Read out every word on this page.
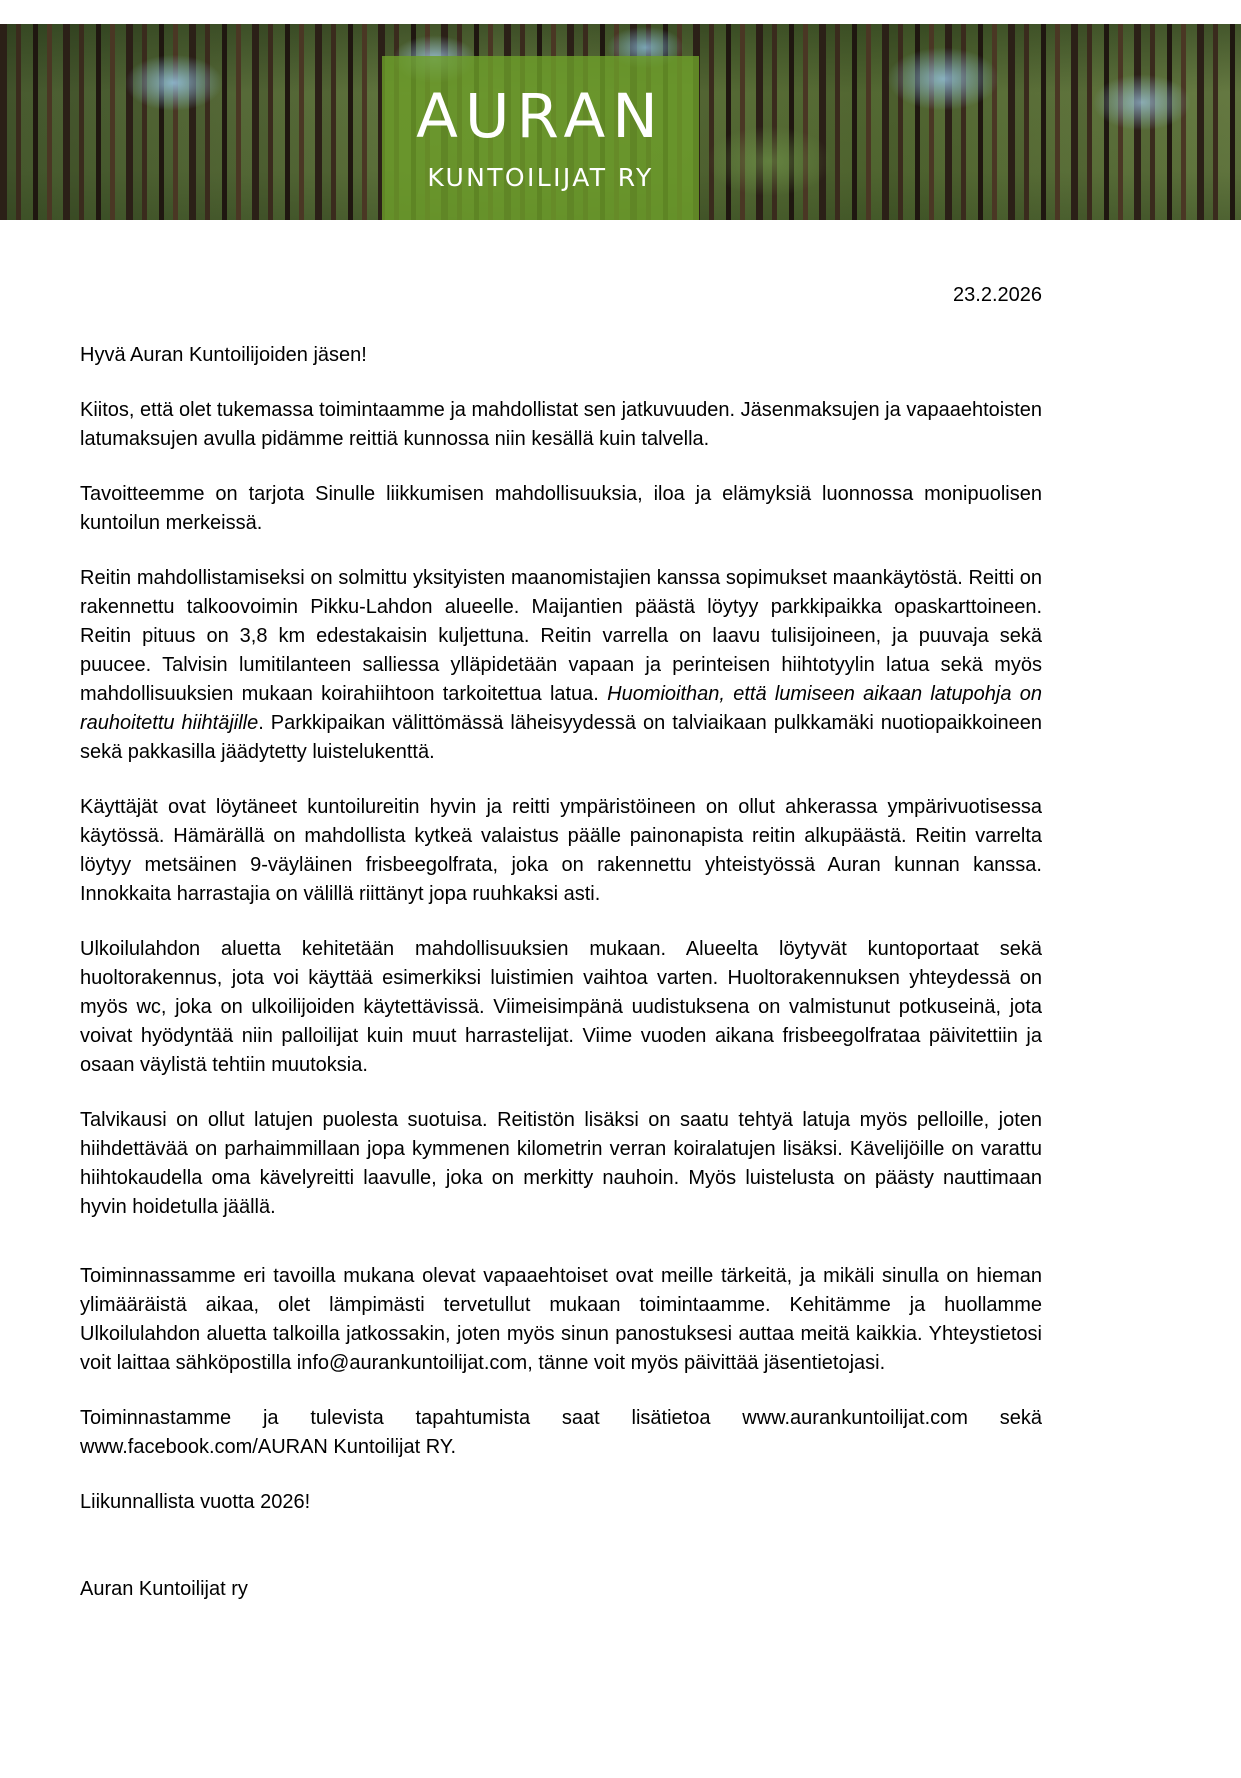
AURAN
KUNTOILIJAT RY
23.2.2026
Hyvä Auran Kuntoilijoiden jäsen!

Kiitos, että olet tukemassa toimintaamme ja mahdollistat sen jatkuvuuden. Jäsenmaksujen ja vapaaehtoisten latumaksujen avulla pidämme reittiä kunnossa niin kesällä kuin talvella.

Tavoitteemme on tarjota Sinulle liikkumisen mahdollisuuksia, iloa ja elämyksiä luonnossa monipuolisen kuntoilun merkeissä.

Reitin mahdollistamiseksi on solmittu yksityisten maanomistajien kanssa sopimukset maankäytöstä. Reitti on rakennettu talkoovoimin Pikku-Lahdon alueelle. Maijantien päästä löytyy parkkipaikka opaskarttoineen. Reitin pituus on 3,8 km edestakaisin kuljettuna. Reitin varrella on laavu tulisijoineen, ja puuvaja sekä puucee. Talvisin lumitilanteen salliessa ylläpidetään vapaan ja perinteisen hiihtotyylin latua sekä myös mahdollisuuksien mukaan koirahiihtoon tarkoitettua latua. Huomioithan, että lumiseen aikaan latupohja on rauhoitettu hiihtäjille. Parkkipaikan välittömässä läheisyydessä on talviaikaan pulkkamäki nuotiopaikkoineen sekä pakkasilla jäädytetty luistelukenttä.

Käyttäjät ovat löytäneet kuntoilureitin hyvin ja reitti ympäristöineen on ollut ahkerassa ympärivuotisessa käytössä. Hämärällä on mahdollista kytkeä valaistus päälle painonapista reitin alkupäästä. Reitin varrelta löytyy metsäinen 9-väyläinen frisbeegolfrata, joka on rakennettu yhteistyössä Auran kunnan kanssa. Innokkaita harrastajia on välillä riittänyt jopa ruuhkaksi asti.

Ulkoilulahdon aluetta kehitetään mahdollisuuksien mukaan. Alueelta löytyvät kuntoportaat sekä huoltorakennus, jota voi käyttää esimerkiksi luistimien vaihtoa varten. Huoltorakennuksen yhteydessä on myös wc, joka on ulkoilijoiden käytettävissä. Viimeisimpänä uudistuksena on valmistunut potkuseinä, jota voivat hyödyntää niin palloilijat kuin muut harrastelijat. Viime vuoden aikana frisbeegolfrataa päivitettiin ja osaan väylistä tehtiin muutoksia.

Talvikausi on ollut latujen puolesta suotuisa. Reitistön lisäksi on saatu tehtyä latuja myös pelloille, joten hiihdettävää on parhaimmillaan jopa kymmenen kilometrin verran koiralatujen lisäksi. Kävelijöille on varattu hiihtokaudella oma kävelyreitti laavulle, joka on merkitty nauhoin. Myös luistelusta on päästy nauttimaan hyvin hoidetulla jäällä.

Toiminnassamme eri tavoilla mukana olevat vapaaehtoiset ovat meille tärkeitä, ja mikäli sinulla on hieman ylimääräistä aikaa, olet lämpimästi tervetullut mukaan toimintaamme. Kehitämme ja huollamme Ulkoilulahdon aluetta talkoilla jatkossakin, joten myös sinun panostuksesi auttaa meitä kaikkia. Yhteystietosi voit laittaa sähköpostilla info@aurankuntoilijat.com, tänne voit myös päivittää jäsentietojasi.

Toiminnastamme ja tulevista tapahtumista saat lisätietoa www.aurankuntoilijat.com sekä www.facebook.com/AURAN Kuntoilijat RY.

Liikunnallista vuotta 2026!
Auran Kuntoilijat ry
